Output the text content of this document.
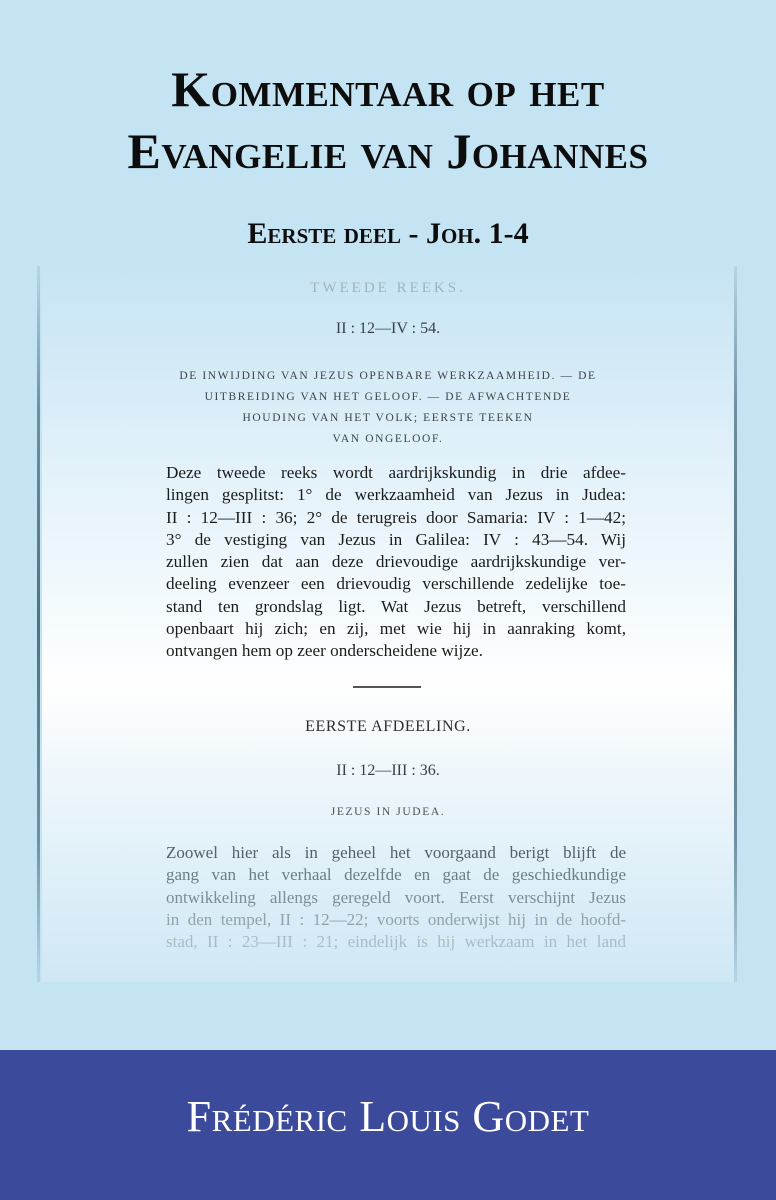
Kommentaar op het
Evangelie van Johannes
Eerste deel - Joh. 1-4
TWEEDE REEKS.
II : 12—IV : 54.
DE INWIJDING VAN JEZUS OPENBARE WERKZAAMHEID. — DE
UITBREIDING VAN HET GELOOF. — DE AFWACHTENDE
HOUDING VAN HET VOLK; EERSTE TEEKEN
VAN ONGELOOF.
Deze tweede reeks wordt aardrijkskundig in drie afdee-
lingen gesplitst: 1° de werkzaamheid van Jezus in Judea:
II : 12—III : 36; 2° de terugreis door Samaria: IV : 1—42;
3° de vestiging van Jezus in Galilea: IV : 43—54. Wij
zullen zien dat aan deze drievoudige aardrijkskundige ver-
deeling evenzeer een drievoudig verschillende zedelijke toe-
stand ten grondslag ligt. Wat Jezus betreft, verschillend
openbaart hij zich; en zij, met wie hij in aanraking komt,
ontvangen hem op zeer onderscheidene wijze.
EERSTE AFDEELING.
II : 12—III : 36.
JEZUS IN JUDEA.
Zoowel hier als in geheel het voorgaand berigt blijft de
gang van het verhaal dezelfde en gaat de geschiedkundige
ontwikkeling allengs geregeld voort. Eerst verschijnt Jezus
in den tempel, II : 12—22; voorts onderwijst hij in de hoofd-
stad, II : 23—III : 21; eindelijk is hij werkzaam in het land
Frédéric Louis Godet
